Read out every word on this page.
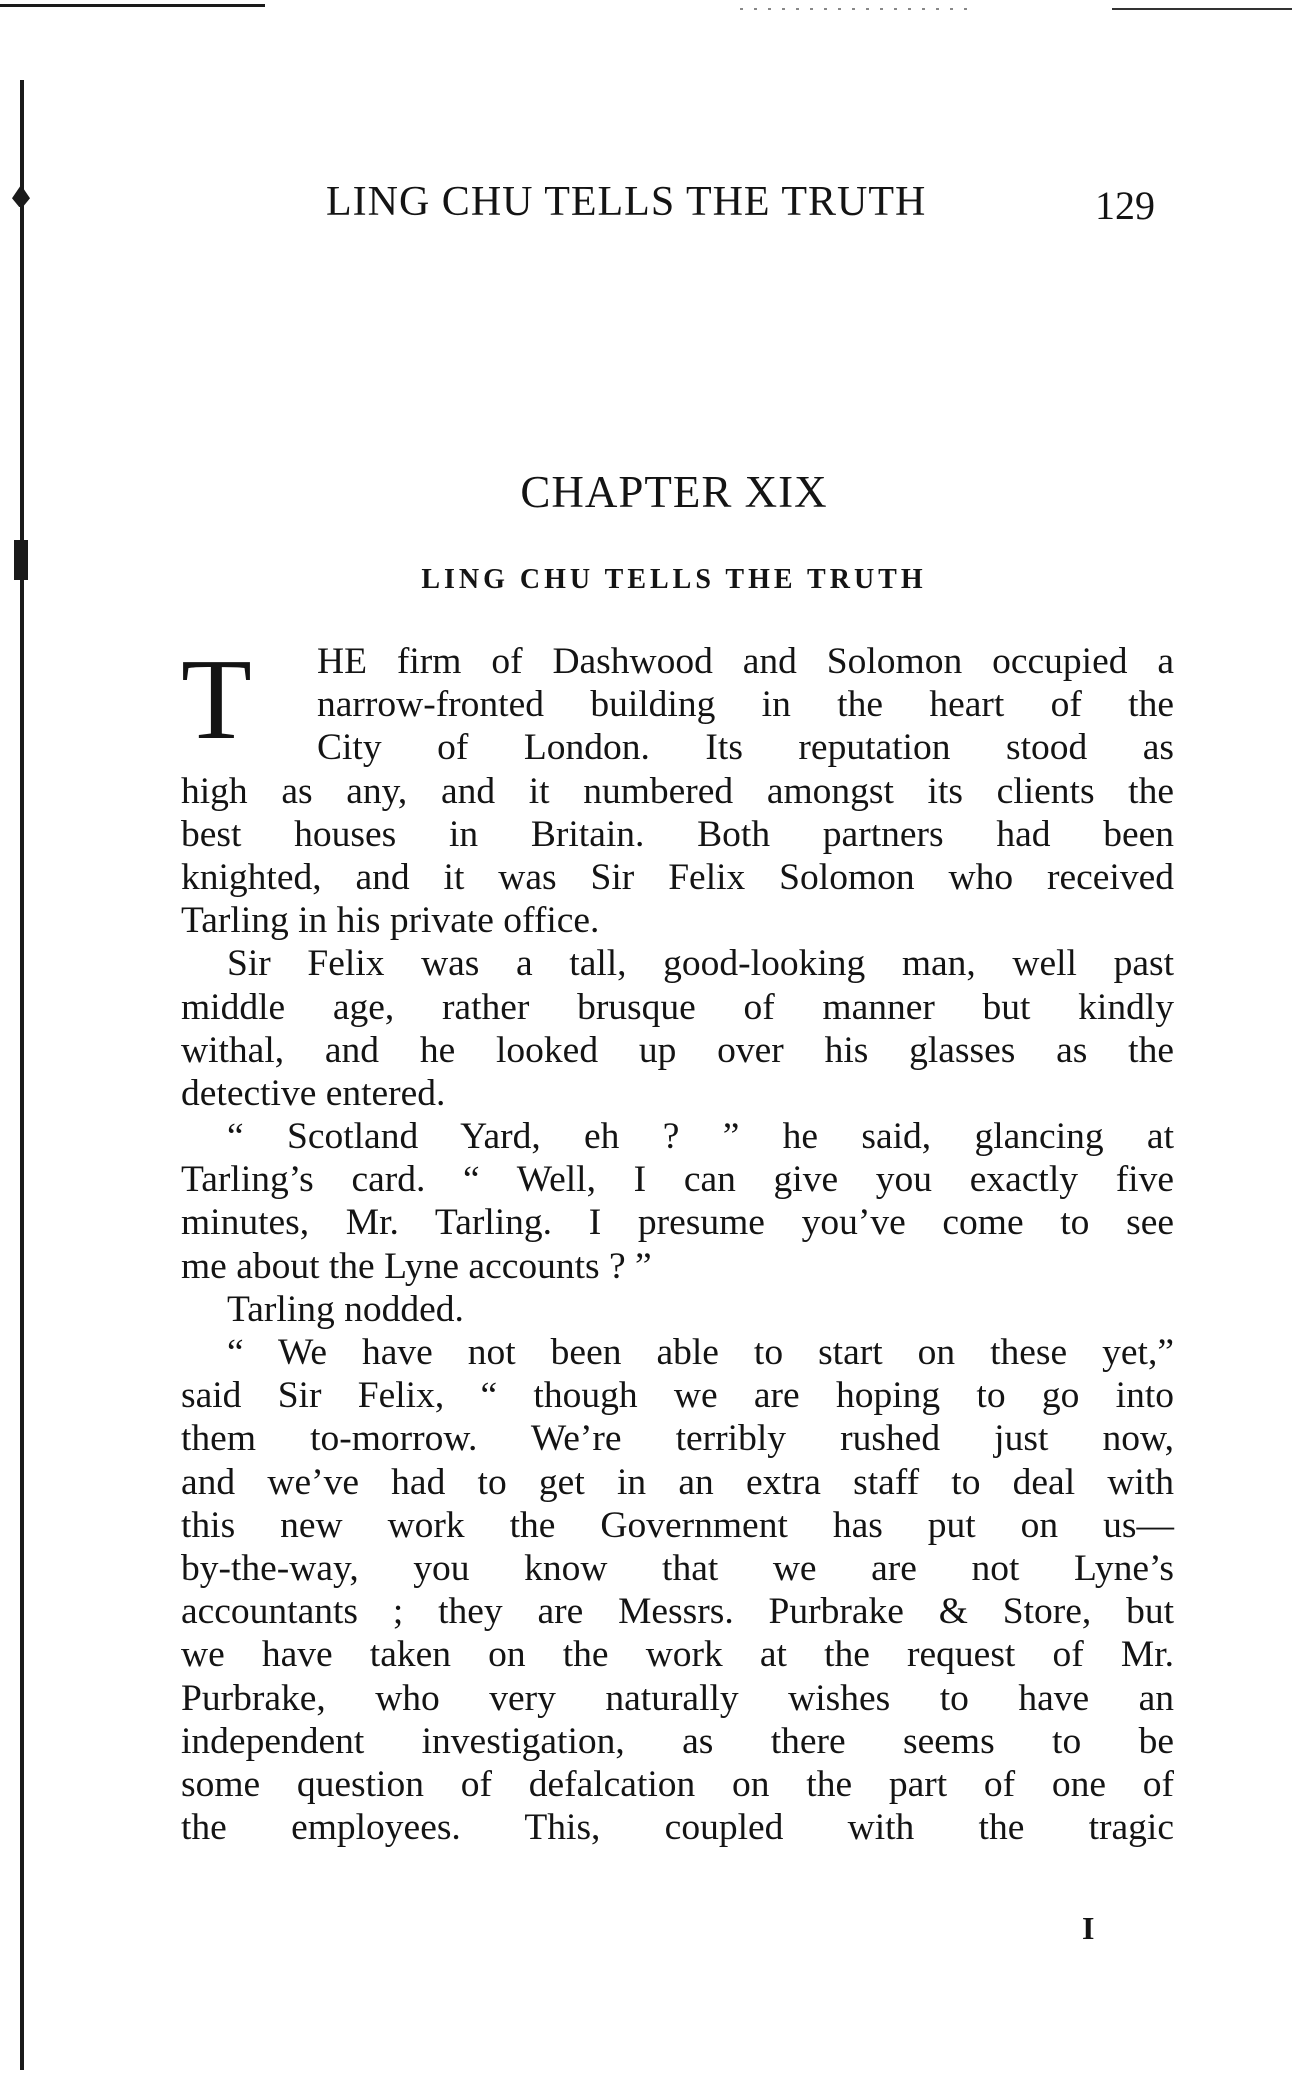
LING CHU TELLS THE TRUTH	129
CHAPTER XIX
LING CHU TELLS THE TRUTH
T	HE firm of Dashwood and Solomon occupied a
narrow-fronted building in the heart of the
City of London. Its reputation stood as
high as any, and it numbered amongst its clients the
best houses in Britain. Both partners had been
knighted, and it was Sir Felix Solomon who received
Tarling in his private office.
Sir Felix was a tall, good-looking man, well past
middle age, rather brusque of manner but kindly
withal, and he looked up over his glasses as the
detective entered.
“ Scotland Yard, eh ? ” he said, glancing at
Tarling’s card. “ Well, I can give you exactly five
minutes, Mr. Tarling. I presume you’ve come to see
me about the Lyne accounts ? ”
Tarling nodded.
“ We have not been able to start on these yet,”
said Sir Felix, “ though we are hoping to go into
them to-morrow. We’re terribly rushed just now,
and we’ve had to get in an extra staff to deal with
this new work the Government has put on us—
by-the-way, you know that we are not Lyne’s
accountants ; they are Messrs. Purbrake & Store, but
we have taken on the work at the request of Mr.
Purbrake, who very naturally wishes to have an
independent investigation, as there seems to be
some question of defalcation on the part of one of
the employees. This, coupled with the tragic
I
